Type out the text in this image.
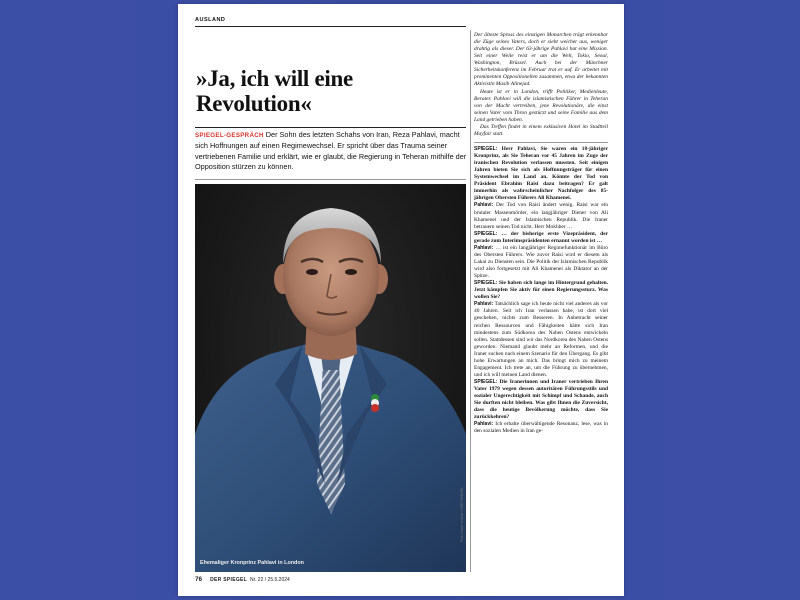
AUSLAND
»Ja, ich will eine Revolution«

SPIEGEL-GESPRÄCH Der Sohn des letzten Schahs von Iran, Reza Pahlavi, macht sich Hoffnungen auf einen Regimewechsel. Er spricht über das Trauma seiner vertriebenen Familie und erklärt, wie er glaubt, die Regierung in Teheran mithilfe der Opposition stürzen zu können.

Ehemaliger Kronprinz Pahlavi in London
Foto: David Vintiner / DER SPIEGEL
76 DER SPIEGEL Nr. 22 / 25.5.2024

Der älteste Spross des einstigen Monarchen trägt erkennbar die Züge seines Vaters, doch er sieht weicher aus, weniger drahtig als dieser. Der 63-jährige Pahlavi hat eine Mission. Seit einer Weile reist er um die Welt, Tokio, Seoul, Washington, Brüssel. Auch bei der Münchner Sicherheitskonferenz im Februar trat er auf. Er arbeitet mit prominenten Oppositionellen zusammen, etwa der bekannten Aktivistin Masih Alinejad.

Heute ist er in London, trifft Politiker, Medienleute, Berater. Pahlavi will die islamistischen Führer in Teheran von der Macht vertreiben, jene Revolutionäre, die einst seinen Vater vom Thron gestürzt und seine Familie aus dem Land getrieben haben.

Das Treffen findet in einem exklusiven Hotel im Stadtteil Mayfair statt.

SPIEGEL: Herr Pahlavi, Sie waren ein 18-jähriger Kronprinz, als Sie Teheran vor 45 Jahren im Zuge der iranischen Revolution verlassen mussten. Seit einigen Jahren bieten Sie sich als Hoffnungsträger für einen Systemwechsel im Land an. Könnte der Tod von Präsident Ebrahim Raisi dazu beitragen? Er galt immerhin als wahrscheinlicher Nachfolger des 85-jährigen Obersten Führers Ali Khamenei.

Pahlavi: Der Tod von Raisi ändert wenig. Raisi war ein brutaler Massenmörder, ein langjähriger Diener von Ali Khamenei und der Islamischen Republik. Die Iraner betrauern seinen Tod nicht. Herr Mokhber …

SPIEGEL: … der bisherige erste Vizepräsident, der gerade zum Interimspräsidenten ernannt worden ist …

Pahlavi: … ist ein langjähriger Regimefunktionär im Büro des Obersten Führers. Wie zuvor Raisi wird er diesem als Lakai zu Diensten sein. Die Politik der Islamischen Republik wird also fortgesetzt mit Ali Khamenei als Diktator an der Spitze.

SPIEGEL: Sie haben sich lange im Hintergrund gehalten. Jetzt kämpfen Sie aktiv für einen Regierungssturz. Was wollen Sie?

Pahlavi: Tatsächlich sage ich heute nicht viel anderes als vor 40 Jahren. Seit ich Iran verlassen habe, ist dort viel geschehen, nichts zum Besseren. In Anbetracht seiner reichen Ressourcen und Fähigkeiten hätte sich Iran mindestens zum Südkorea des Nahen Ostens entwickeln sollen. Stattdessen sind wir das Nordkorea des Nahen Ostens geworden. Niemand glaubt mehr an Reformen, und die Iraner suchen nach einem Szenario für den Übergang. Es gibt hohe Erwartungen an mich. Das bringt mich zu meinem Engagement. Ich trete an, um die Führung zu übernehmen, und ich will meinen Land dienen.

SPIEGEL: Die Iranerinnen und Iraner vertrieben Ihren Vater 1979 wegen dessen autoritären Führungsstils und sozialer Ungerechtigkeit mit Schimpf und Schande, auch Sie durften nicht bleiben. Was gibt Ihnen die Zuversicht, dass die heutige Bevölkerung möchte, dass Sie zurückkehren?

Pahlavi: Ich erhalte überwältigende Resonanz, lese, was in den sozialen Medien in Iran ge-
